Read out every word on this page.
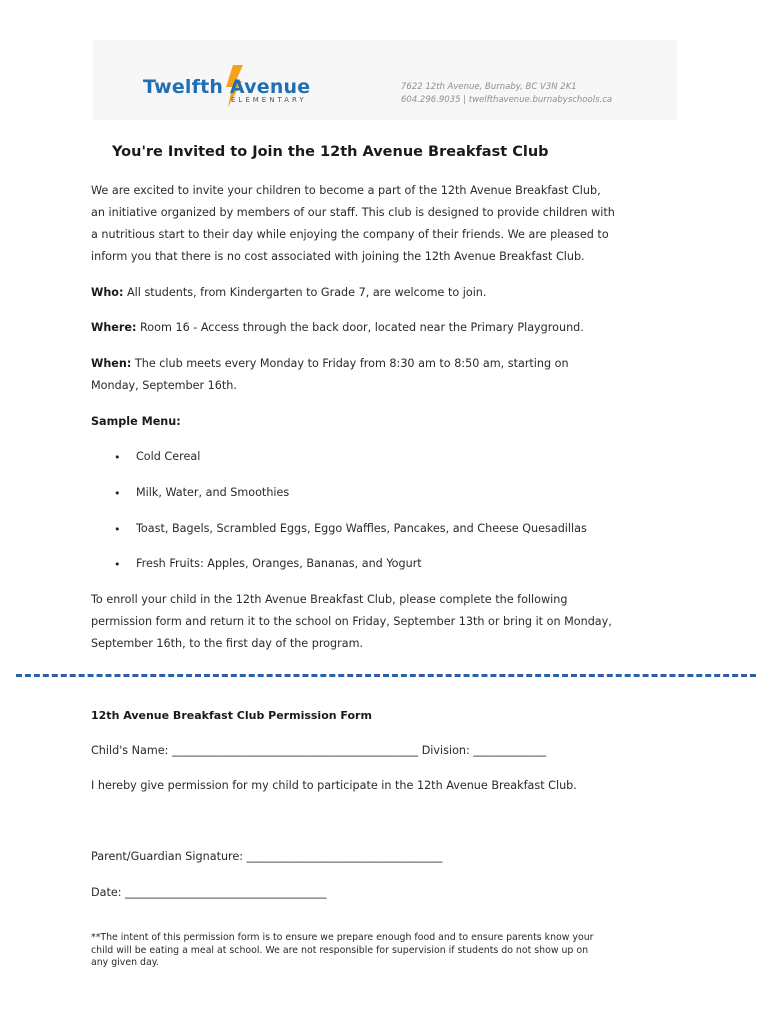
Twelfth Avenue
ELEMENTARY
7622 12th Avenue, Burnaby, BC V3N 2K1
604.296.9035 | twelfthavenue.burnabyschools.ca
You're Invited to Join the 12th Avenue Breakfast Club
We are excited to invite your children to become a part of the 12th Avenue Breakfast Club,
an initiative organized by members of our staff. This club is designed to provide children with
a nutritious start to their day while enjoying the company of their friends. We are pleased to
inform you that there is no cost associated with joining the 12th Avenue Breakfast Club.
Who: All students, from Kindergarten to Grade 7, are welcome to join.
Where: Room 16 - Access through the back door, located near the Primary Playground.
When: The club meets every Monday to Friday from 8:30 am to 8:50 am, starting on
Monday, September 16th.
Sample Menu:
• Cold Cereal
• Milk, Water, and Smoothies
• Toast, Bagels, Scrambled Eggs, Eggo Waffles, Pancakes, and Cheese Quesadillas
• Fresh Fruits: Apples, Oranges, Bananas, and Yogurt
To enroll your child in the 12th Avenue Breakfast Club, please complete the following
permission form and return it to the school on Friday, September 13th or bring it on Monday,
September 16th, to the first day of the program.
12th Avenue Breakfast Club Permission Form
Child's Name: ____________________________________________ Division: _____________
I hereby give permission for my child to participate in the 12th Avenue Breakfast Club.
Parent/Guardian Signature: ___________________________________
Date: ____________________________________
**The intent of this permission form is to ensure we prepare enough food and to ensure parents know your
child will be eating a meal at school. We are not responsible for supervision if students do not show up on
any given day.
